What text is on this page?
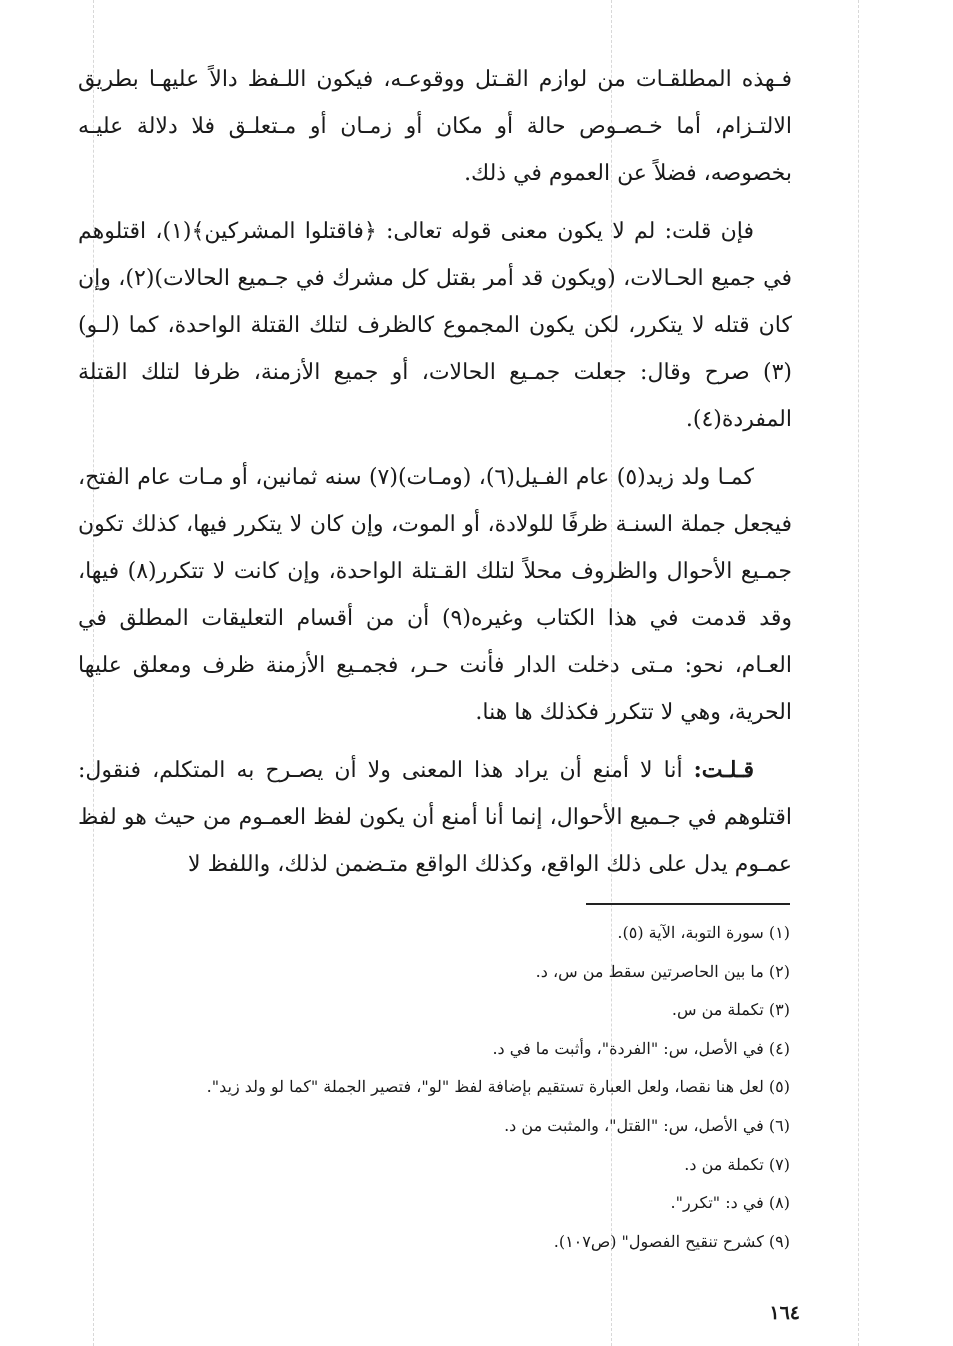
فـهذه المطلقـات من لوازم القـتل ووقوعـه، فيكون اللـفظ دالاً عليهـا بطريق الالتـزام، أما خـصـوص حالة أو مكان أو زمـان أو مـتعلـق فلا دلالة عليـه بخصوصه، فضلاً عن العموم في ذلك.

فإن قلت: لم لا يكون معنى قوله تعالى: ﴿فاقتلوا المشركين﴾(١)، اقتلوهم في جميع الحـالات، (ويكون قد أمر بقتل كل مشرك في جـميع الحالات)(٢)، وإن كان قتله لا يتكرر، لكن يكون المجموع كالظرف لتلك القتلة الواحدة، كما (لـو)(٣) صرح وقال: جعلت جمـيع الحالات، أو جميع الأزمنة، ظرفا لتلك القتلة المفردة(٤).

كمـا ولد زيد(٥) عام الفـيل(٦)، (ومـات)(٧) سنه ثمانين، أو مـات عام الفتح، فيجعل جملة السنـة ظرفًا للولادة، أو الموت، وإن كان لا يتكرر فيها، كذلك تكون جمـيع الأحوال والظروف محلاً لتلك القـتلة الواحدة، وإن كانت لا تتكرر(٨) فيها، وقد قدمت في هذا الكتاب وغيره(٩) أن من أقسام التعليقات المطلق في العـام، نحو: مـتى دخلت الدار فأنت حـر، فجمـيع الأزمنة ظرف ومعلق عليها الحرية، وهي لا تتكرر فكذلك ها هنا.

قـلـت: أنا لا أمنع أن يراد هذا المعنى ولا أن يصـرح به المتكلم، فنقول: اقتلوهم في جـميع الأحوال، إنما أنا أمنع أن يكون لفظ العمـوم من حيث هو لفظ عمـوم يدل على ذلك الواقع، وكذلك الواقع متـضمن لذلك، واللفظ لا

(١) سورة التوبة، الآية (٥).
(٢) ما بين الحاصرتين سقط من س، د.
(٣) تكملة من س.
(٤) في الأصل، س: "الفردة"، وأثبت ما في د.
(٥) لعل هنا نقصا، ولعل العبارة تستقيم بإضافة لفظ "لو"، فتصير الجملة "كما لو ولد زيد".
(٦) في الأصل، س: "القتل"، والمثبت من د.
(٧) تكملة من د.
(٨) في د: "تكرر".
(٩) كشرح تنقيح الفصول" (ص١٠٧).
١٦٤
